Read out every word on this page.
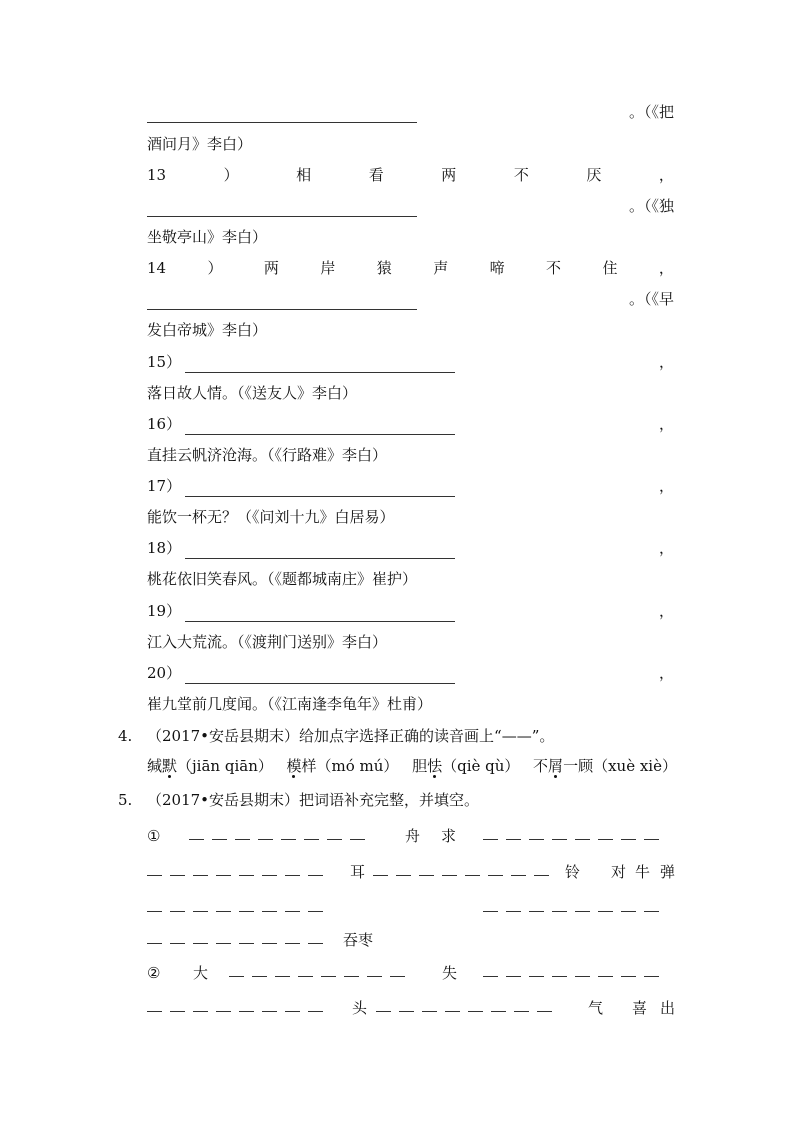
。（《把
酒问月》李白）
13	）	相	看	两	不	厌	，
。（《独
坐敬亭山》李白）
14	）	两	岸	猿	声	啼	不	住	，
。（《早
发白帝城》李白）
15）	，
落日故人情。（《送友人》李白）
16）	，
直挂云帆济沧海。（《行路难》李白）
17）	，
能饮一杯无？（《问刘十九》白居易）
18）	，
桃花依旧笑春风。（《题都城南庄》崔护）
19）	，
江入大荒流。（《渡荆门送别》李白）
20）	，
崔九堂前几度闻。（《江南逢李龟年》杜甫）
4. （2017•安岳县期末）给加点字选择正确的读音画上“——”。
缄默（jiān qiān） 模样（mó mú） 胆怯（qiè qù） 不屑一顾（xuè xiè）
5. （2017•安岳县期末）把词语补充完整，并填空。
①	舟 求
耳	铃 对 牛 弹
吞枣
② 大	失
头	气 喜 出
